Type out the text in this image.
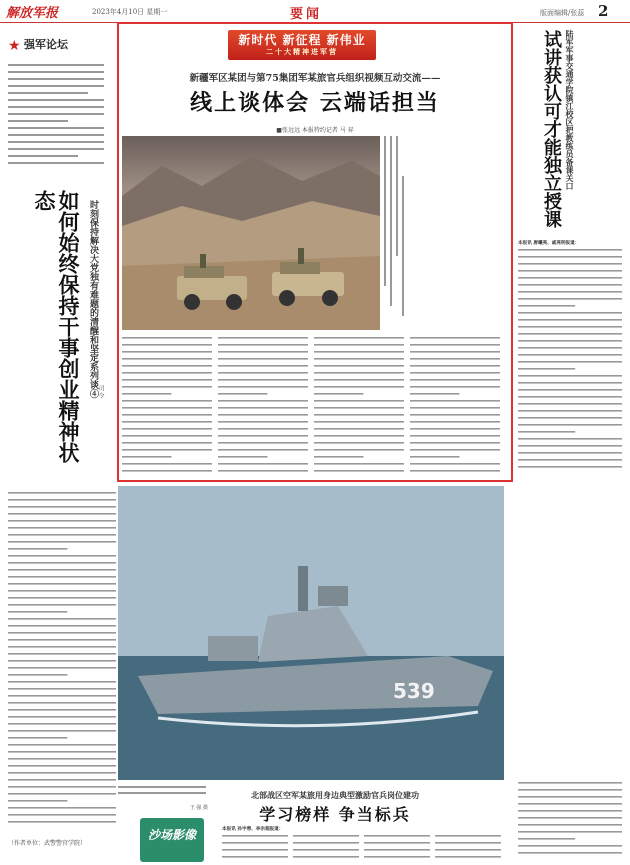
解放军报	2023年4月10日 星期一	要闻	版面编辑/张蕊 2
★ 强军论坛
如何始终保持干事创业精神状态	时刻保持解决大党独有难题的清醒和坚定系列谈④ 司 令
（作者单位：武警警官学院）
新时代 新征程 新伟业
二十大精神进军营
新疆军区某团与第75集团军某旅官兵组织视频互动交流——
线上谈体会 云端话担当
■张远远 本报特约记者 马 昇	陆军军事交通学院镇江校区把教练员备课关口
试讲获认可才能独立授课
本报讯 唐曦亮、戚亮明报道：
539
王 强 摄
沙场影像
北部战区空军某旅用身边典型激励官兵岗位建功
学习榜样 争当标兵
本报讯 孙宇寒、李宗超报道：
